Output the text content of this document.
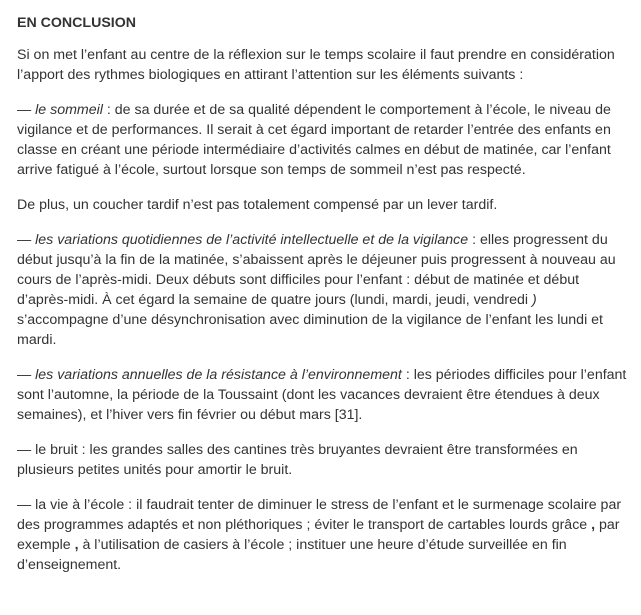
EN CONCLUSION

Si on met l’enfant au centre de la réflexion sur le temps scolaire il faut prendre en considération l’apport des rythmes biologiques en attirant l’attention sur les éléments suivants :

— le sommeil : de sa durée et de sa qualité dépendent le comportement à l’école, le niveau de vigilance et de performances. Il serait à cet égard important de retarder l’entrée des enfants en classe en créant une période intermédiaire d’activités calmes en début de matinée, car l’enfant arrive fatigué à l’école, surtout lorsque son temps de sommeil n’est pas respecté.

De plus, un coucher tardif n’est pas totalement compensé par un lever tardif.

— les variations quotidiennes de l’activité intellectuelle et de la vigilance : elles progressent du début jusqu’à la fin de la matinée, s’abaissent après le déjeuner puis progressent à nouveau au cours de l’après-midi. Deux débuts sont difficiles pour l’enfant : début de matinée et début d’après-midi. À cet égard la semaine de quatre jours (lundi, mardi, jeudi, vendredi ) s’accompagne d’une désynchronisation avec diminution de la vigilance de l’enfant les lundi et mardi.

— les variations annuelles de la résistance à l’environnement : les périodes difficiles pour l’enfant sont l’automne, la période de la Toussaint (dont les vacances devraient être étendues à deux semaines), et l’hiver vers fin février ou début mars [31].

— le bruit : les grandes salles des cantines très bruyantes devraient être transformées en plusieurs petites unités pour amortir le bruit.

— la vie à l’école : il faudrait tenter de diminuer le stress de l’enfant et le surmenage scolaire par des programmes adaptés et non pléthoriques ; éviter le transport de cartables lourds grâce , par exemple , à l’utilisation de casiers à l’école ; instituer une heure d’étude surveillée en fin d’enseignement.
